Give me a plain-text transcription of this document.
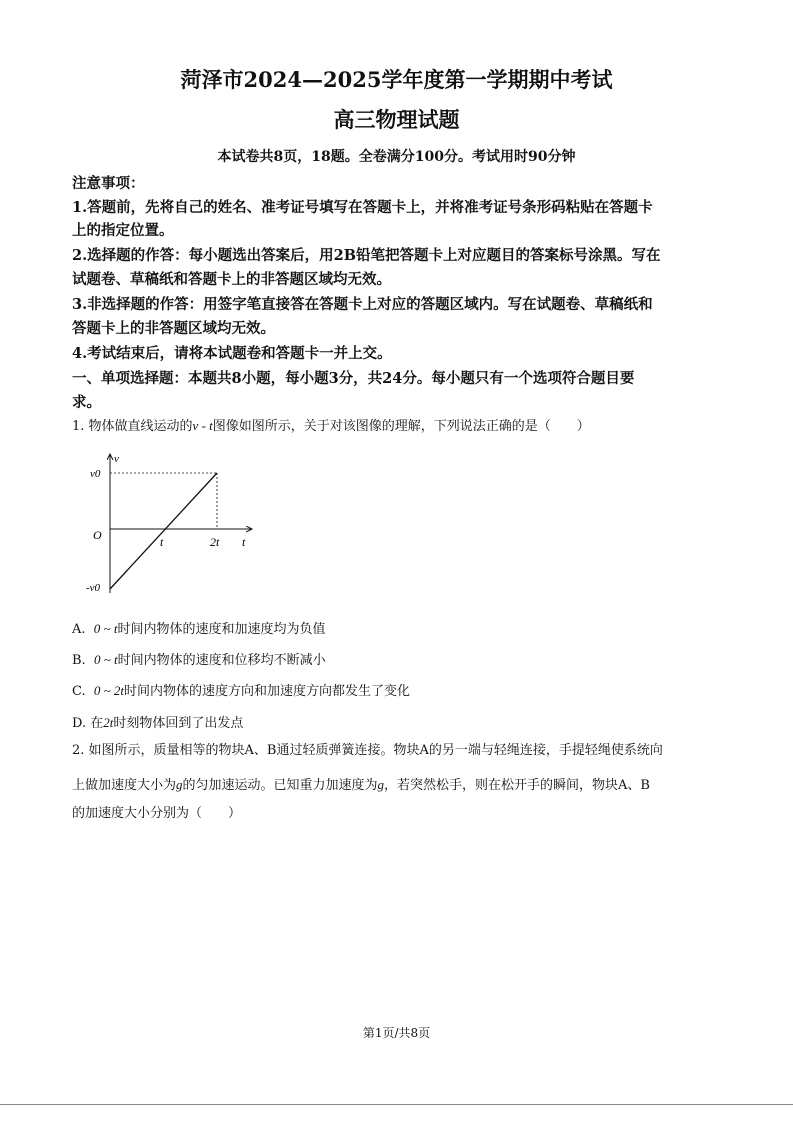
菏泽市2024—2025学年度第一学期期中考试
高三物理试题
本试卷共8页，18题。全卷满分100分。考试用时90分钟
注意事项：
1.答题前，先将自己的姓名、准考证号填写在答题卡上，并将准考证号条形码粘贴在答题卡
上的指定位置。
2.选择题的作答：每小题选出答案后，用2B铅笔把答题卡上对应题目的答案标号涂黑。写在
试题卷、草稿纸和答题卡上的非答题区域均无效。
3.非选择题的作答：用签字笔直接答在答题卡上对应的答题区域内。写在试题卷、草稿纸和
答题卡上的非答题区域均无效。
4.考试结束后，请将本试题卷和答题卡一并上交。
一、单项选择题：本题共8小题，每小题3分，共24分。每小题只有一个选项符合题目要
求。
1. 物体做直线运动的v - t图像如图所示，关于对该图像的理解，下列说法正确的是（　　）
v
t
O
v0
-v0
t	2t
A. 0 ~ t时间内物体的速度和加速度均为负值
B. 0 ~ t时间内物体的速度和位移均不断减小
C. 0 ~ 2t时间内物体的速度方向和加速度方向都发生了变化
D. 在2t时刻物体回到了出发点
2. 如图所示，质量相等的物块A、B通过轻质弹簧连接。物块A的另一端与轻绳连接，手提轻绳使系统向
上做加速度大小为g的匀加速运动。已知重力加速度为g，若突然松手，则在松开手的瞬间，物块A、B
的加速度大小分别为（　　）
第1页/共8页
